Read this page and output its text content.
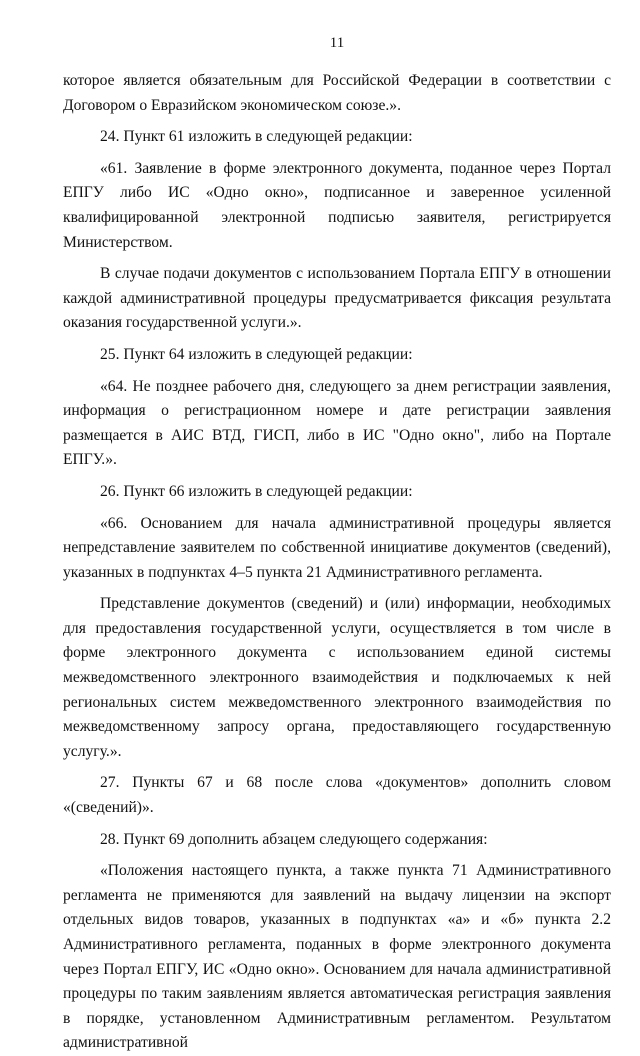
11

которое является обязательным для Российской Федерации в соответствии с Договором о Евразийском экономическом союзе.».

24. Пункт 61 изложить в следующей редакции:

«61. Заявление в форме электронного документа, поданное через Портал ЕПГУ либо ИС «Одно окно», подписанное и заверенное усиленной квалифицированной электронной подписью заявителя, регистрируется Министерством.

В случае подачи документов с использованием Портала ЕПГУ в отношении каждой административной процедуры предусматривается фиксация результата оказания государственной услуги.».

25. Пункт 64 изложить в следующей редакции:

«64. Не позднее рабочего дня, следующего за днем регистрации заявления, информация о регистрационном номере и дате регистрации заявления размещается в АИС ВТД, ГИСП, либо в ИС "Одно окно", либо на Портале ЕПГУ.».

26. Пункт 66 изложить в следующей редакции:

«66. Основанием для начала административной процедуры является непредставление заявителем по собственной инициативе документов (сведений), указанных в подпунктах 4–5 пункта 21 Административного регламента.

Представление документов (сведений) и (или) информации, необходимых для предоставления государственной услуги, осуществляется в том числе в форме электронного документа с использованием единой системы межведомственного электронного взаимодействия и подключаемых к ней региональных систем межведомственного электронного взаимодействия по межведомственному запросу органа, предоставляющего государственную услугу.».

27. Пункты 67 и 68 после слова «документов» дополнить словом «(сведений)».

28. Пункт 69 дополнить абзацем следующего содержания:

«Положения настоящего пункта, а также пункта 71 Административного регламента не применяются для заявлений на выдачу лицензии на экспорт отдельных видов товаров, указанных в подпунктах «а» и «б» пункта 2.2 Административного регламента, поданных в форме электронного документа через Портал ЕПГУ, ИС «Одно окно». Основанием для начала административной процедуры по таким заявлениям является автоматическая регистрация заявления в порядке, установленном Административным регламентом. Результатом административной
